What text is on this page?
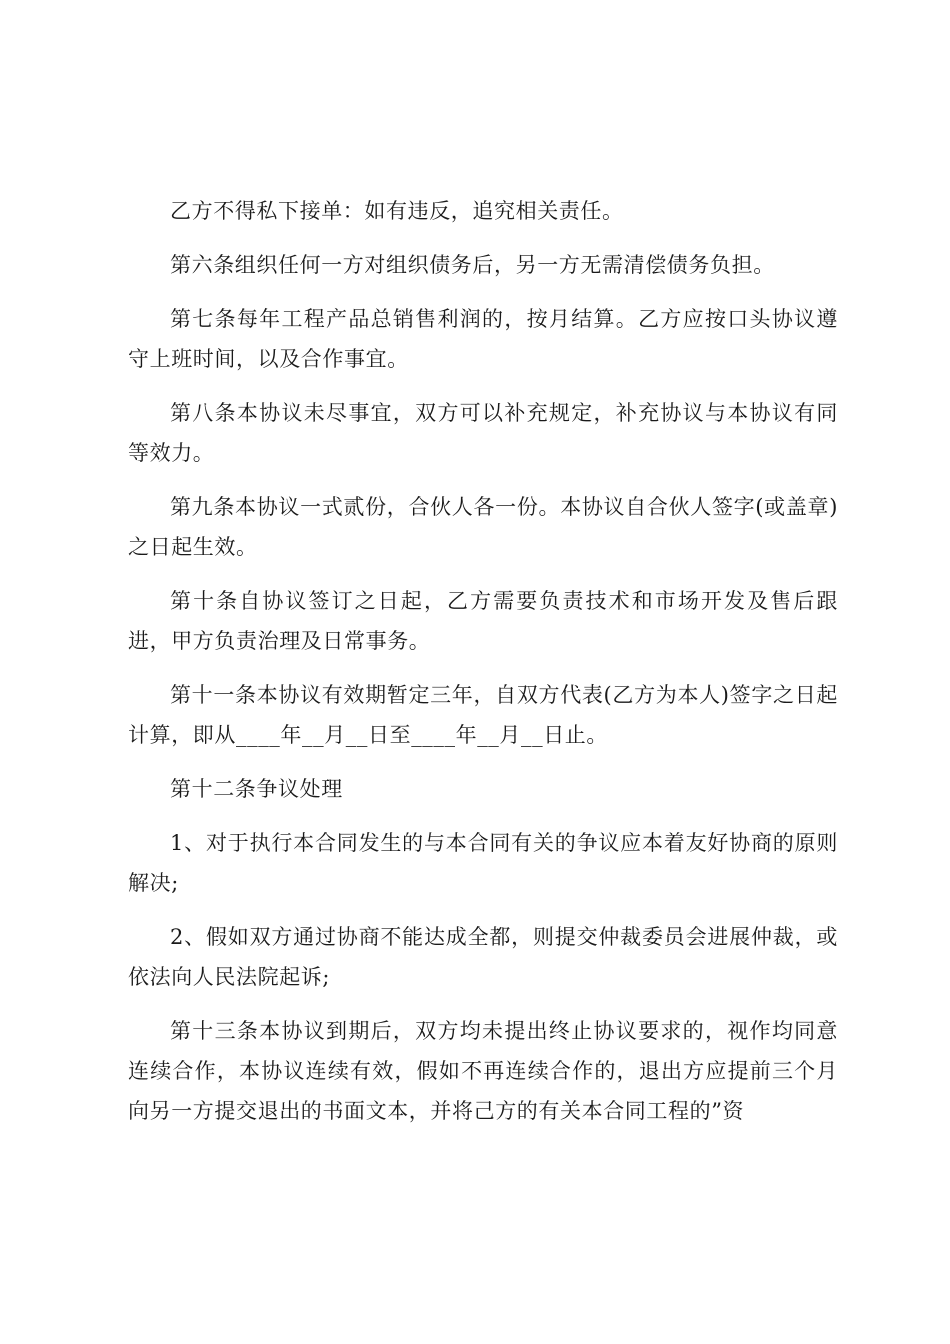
乙方不得私下接单：如有违反，追究相关责任。

第六条组织任何一方对组织债务后，另一方无需清偿债务负担。

第七条每年工程产品总销售利润的，按月结算。乙方应按口头协议遵守上班时间，以及合作事宜。

第八条本协议未尽事宜，双方可以补充规定，补充协议与本协议有同等效力。

第九条本协议一式贰份，合伙人各一份。本协议自合伙人签字(或盖章)之日起生效。

第十条自协议签订之日起，乙方需要负责技术和市场开发及售后跟进，甲方负责治理及日常事务。

第十一条本协议有效期暂定三年，自双方代表(乙方为本人)签字之日起计算，即从____年__月__日至____年__月__日止。

第十二条争议处理

1、对于执行本合同发生的与本合同有关的争议应本着友好协商的原则解决;

2、假如双方通过协商不能达成全都，则提交仲裁委员会进展仲裁，或依法向人民法院起诉;

第十三条本协议到期后，双方均未提出终止协议要求的，视作均同意连续合作，本协议连续有效，假如不再连续合作的，退出方应提前三个月向另一方提交退出的书面文本，并将己方的有关本合同工程的”资
